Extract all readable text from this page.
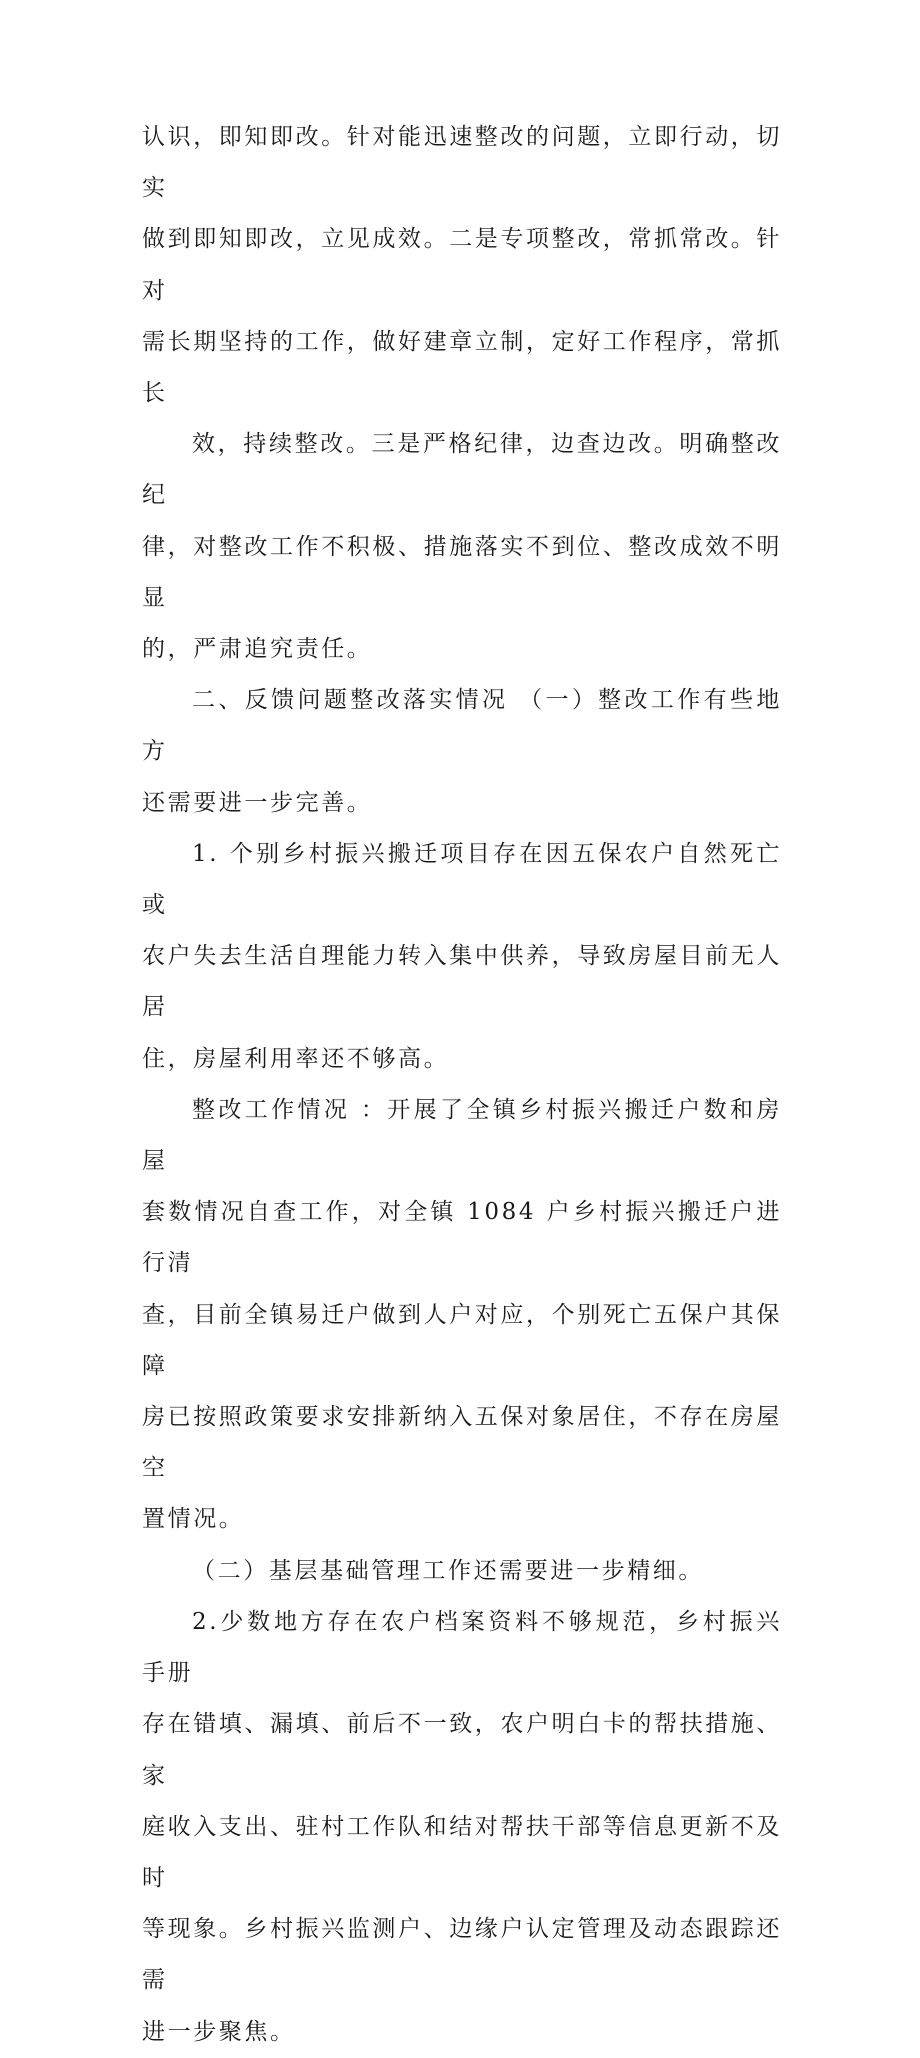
认识，即知即改。针对能迅速整改的问题，立即行动，切实
做到即知即改，立见成效。二是专项整改，常抓常改。针对
需长期坚持的工作，做好建章立制，定好工作程序，常抓长
效，持续整改。三是严格纪律，边查边改。明确整改纪
律，对整改工作不积极、措施落实不到位、整改成效不明显
的，严肃追究责任。
二、反馈问题整改落实情况 （一）整改工作有些地方
还需要进一步完善。
1. 个别乡村振兴搬迁项目存在因五保农户自然死亡或
农户失去生活自理能力转入集中供养，导致房屋目前无人居
住，房屋利用率还不够高。
整改工作情况 ：开展了全镇乡村振兴搬迁户数和房屋
套数情况自查工作，对全镇 1084 户乡村振兴搬迁户进行清
查，目前全镇易迁户做到人户对应，个别死亡五保户其保障
房已按照政策要求安排新纳入五保对象居住，不存在房屋空
置情况。
（二）基层基础管理工作还需要进一步精细。
2.少数地方存在农户档案资料不够规范，乡村振兴手册
存在错填、漏填、前后不一致，农户明白卡的帮扶措施、家
庭收入支出、驻村工作队和结对帮扶干部等信息更新不及时
等现象。乡村振兴监测户、边缘户认定管理及动态跟踪还需
进一步聚焦。
